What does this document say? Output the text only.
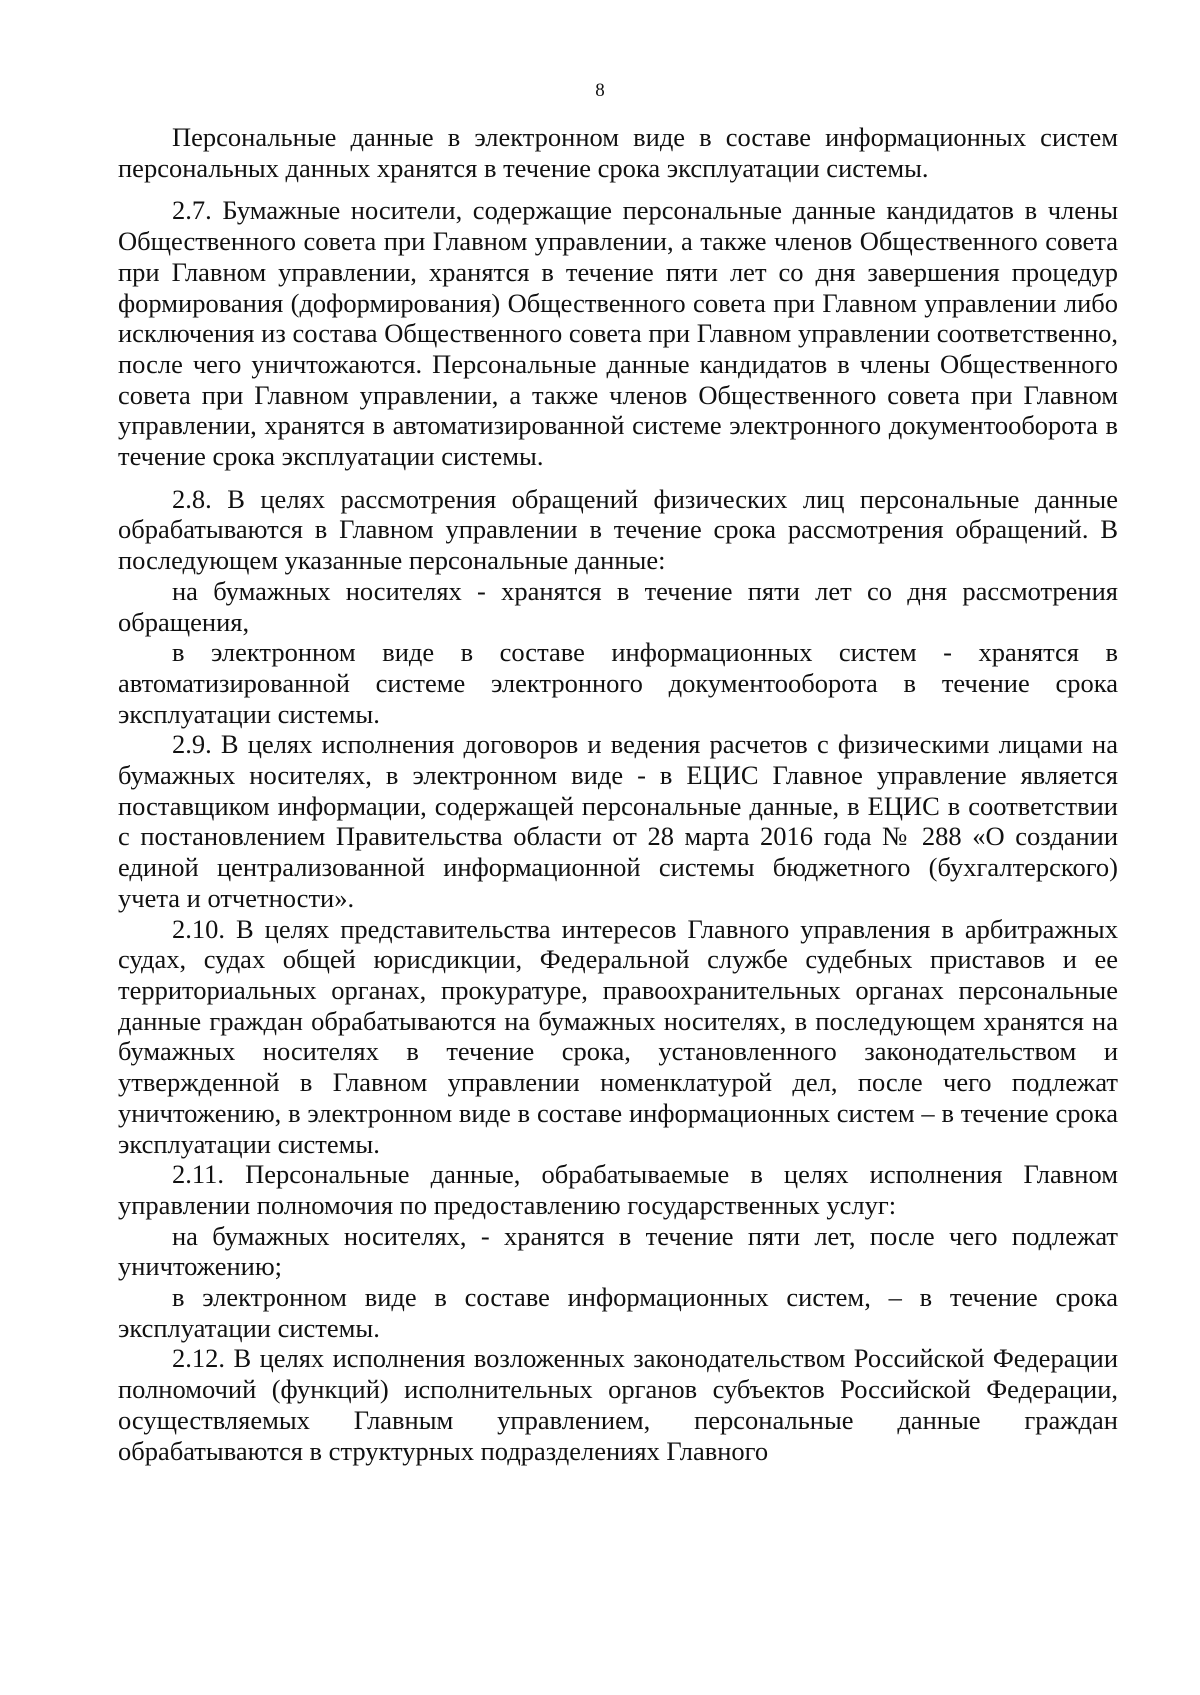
8

Персональные данные в электронном виде в составе информационных систем персональных данных хранятся в течение срока эксплуатации системы.

2.7. Бумажные носители, содержащие персональные данные кандидатов в члены Общественного совета при Главном управлении, а также членов Общественного совета при Главном управлении, хранятся в течение пяти лет со дня завершения процедур формирования (доформирования) Общественного совета при Главном управлении либо исключения из состава Общественного совета при Главном управлении соответственно, после чего уничтожаются. Персональные данные кандидатов в члены Общественного совета при Главном управлении, а также членов Общественного совета при Главном управлении, хранятся в автоматизированной системе электронного документооборота в течение срока эксплуатации системы.

2.8. В целях рассмотрения обращений физических лиц персональные данные обрабатываются в Главном управлении в течение срока рассмотрения обращений. В последующем указанные персональные данные:

на бумажных носителях - хранятся в течение пяти лет со дня рассмотрения обращения,

в электронном виде в составе информационных систем - хранятся в автоматизированной системе электронного документооборота в течение срока эксплуатации системы.

2.9. В целях исполнения договоров и ведения расчетов с физическими лицами на бумажных носителях, в электронном виде - в ЕЦИС Главное управление является поставщиком информации, содержащей персональные данные, в ЕЦИС в соответствии с постановлением Правительства области от 28 марта 2016 года № 288 «О создании единой централизованной информационной системы бюджетного (бухгалтерского) учета и отчетности».

2.10. В целях представительства интересов Главного управления в арбитражных судах, судах общей юрисдикции, Федеральной службе судебных приставов и ее территориальных органах, прокуратуре, правоохранительных органах персональные данные граждан обрабатываются на бумажных носителях, в последующем хранятся на бумажных носителях в течение срока, установленного законодательством и утвержденной в Главном управлении номенклатурой дел, после чего подлежат уничтожению, в электронном виде в составе информационных систем – в течение срока эксплуатации системы.

2.11. Персональные данные, обрабатываемые в целях исполнения Главном управлении полномочия по предоставлению государственных услуг:

на бумажных носителях, - хранятся в течение пяти лет, после чего подлежат уничтожению;

в электронном виде в составе информационных систем, – в течение срока эксплуатации системы.

2.12. В целях исполнения возложенных законодательством Российской Федерации полномочий (функций) исполнительных органов субъектов Российской Федерации, осуществляемых Главным управлением, персональные данные граждан обрабатываются в структурных подразделениях Главного
